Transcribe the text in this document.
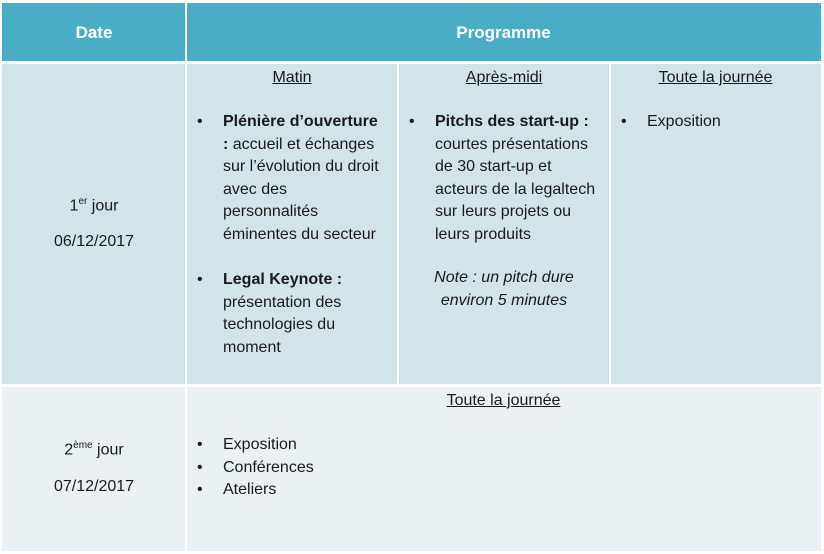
Date	Programme
1er jour
06/12/2017
Matin
• Plénière d’ouverture : accueil et échanges sur l’évolution du droit avec des personnalités éminentes du secteur
• Legal Keynote : présentation des technologies du moment
Après-midi
• Pitchs des start-up : courtes présentations de 30 start-up et acteurs de la legaltech sur leurs projets ou leurs produits
Note : un pitch dure environ 5 minutes
Toute la journée
• Exposition
2ème jour
07/12/2017
Toute la journée
• Exposition
• Conférences
• Ateliers
